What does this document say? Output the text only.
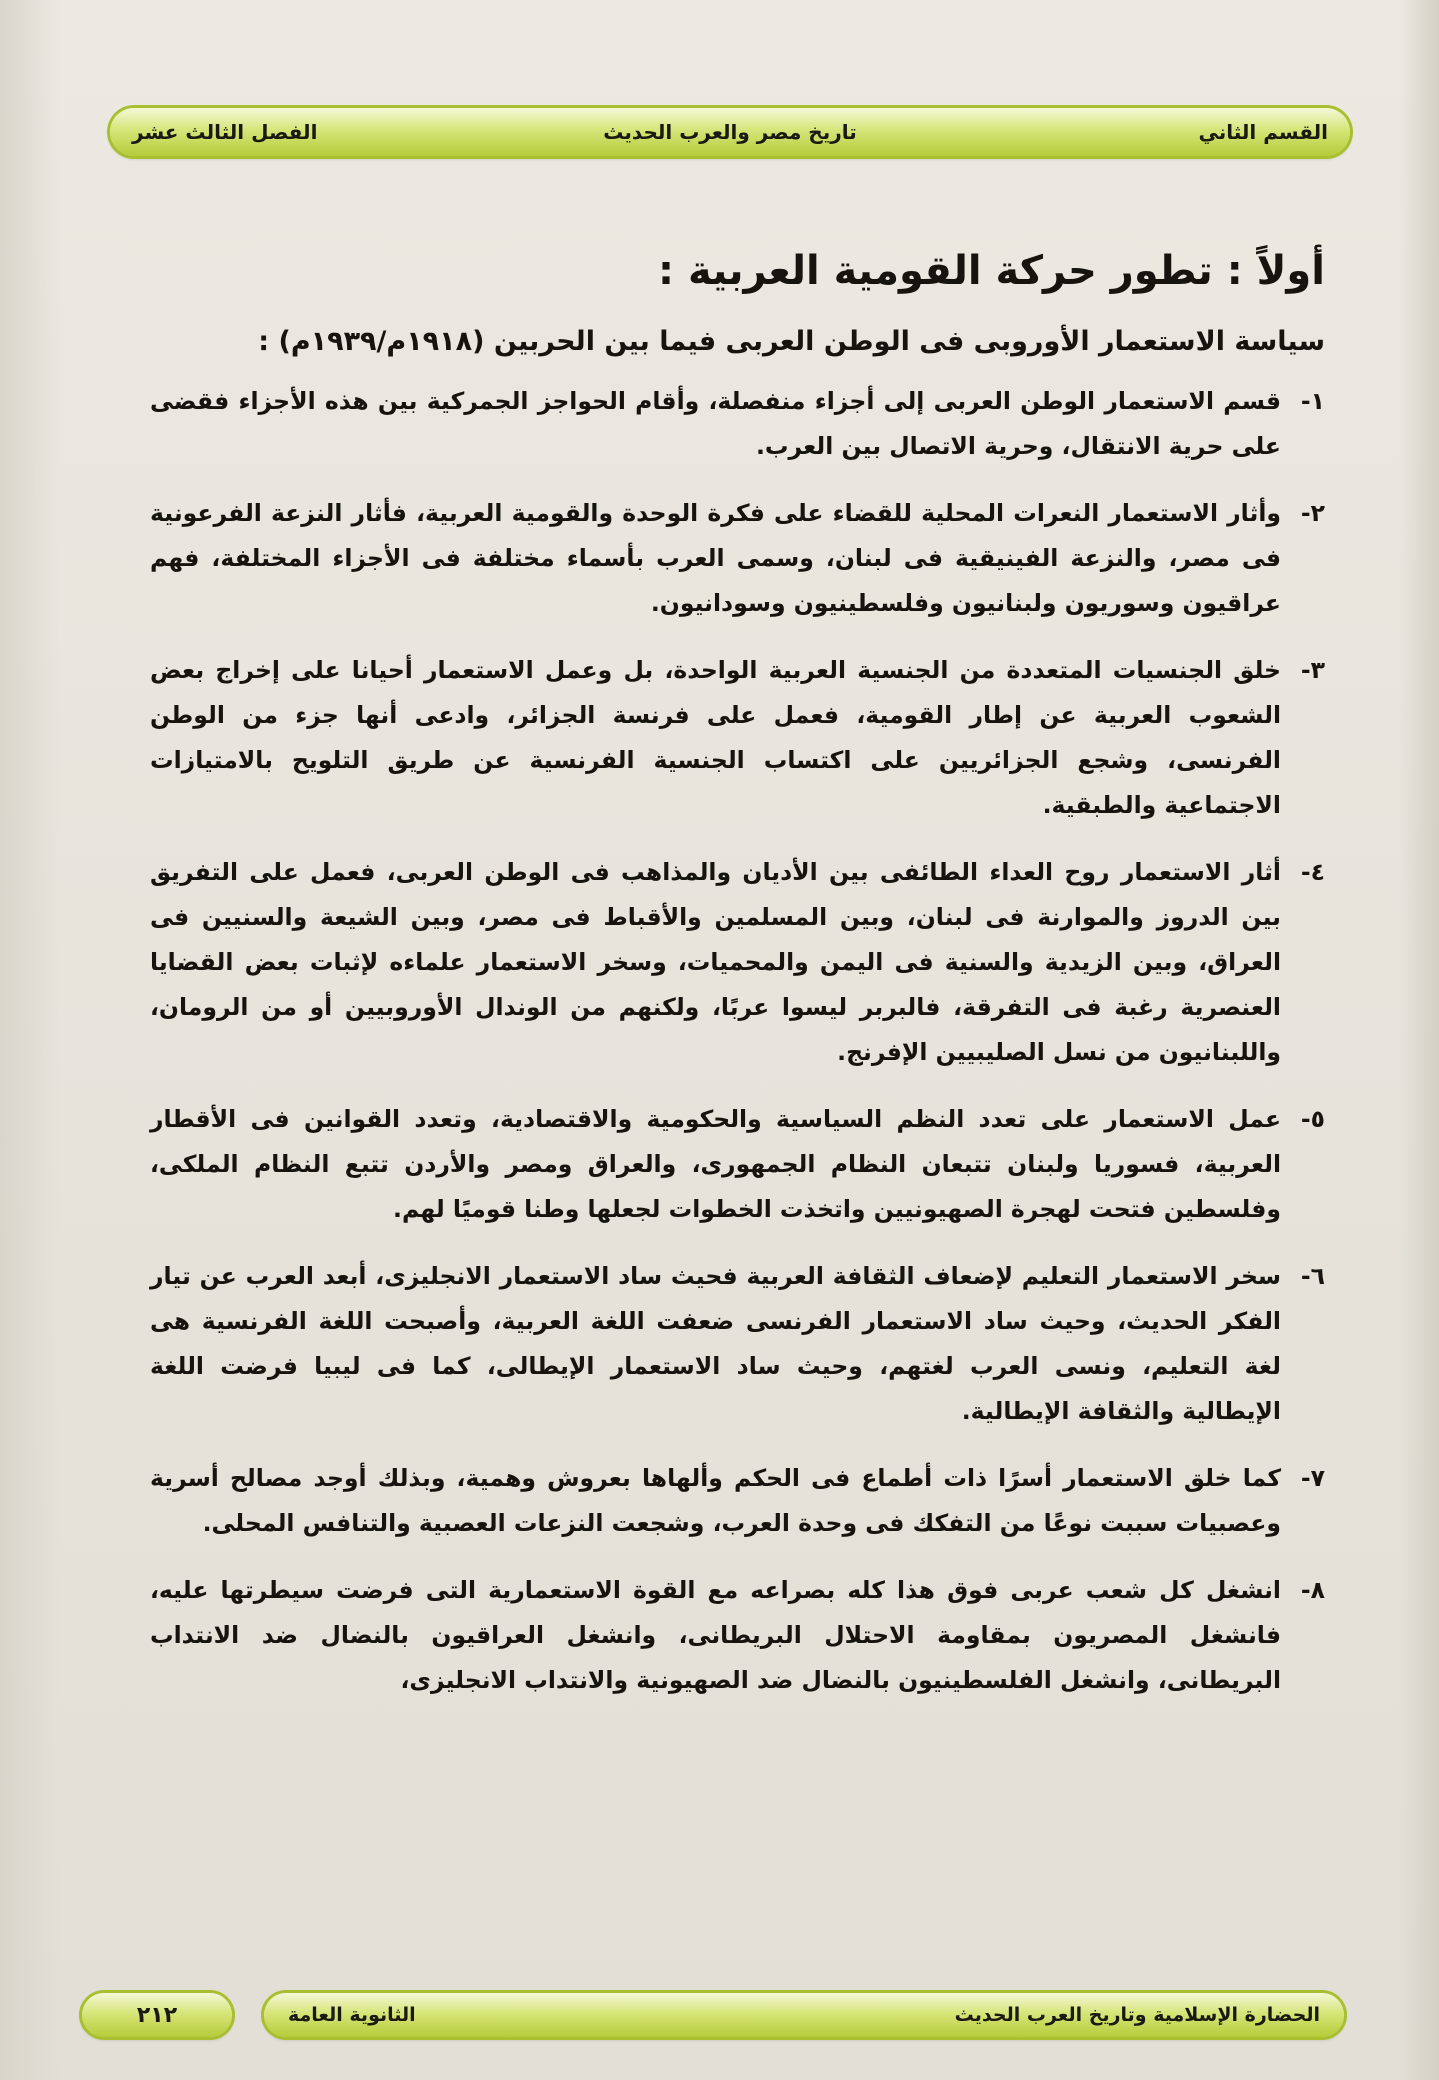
القسم الثاني
تاريخ مصر والعرب الحديث
الفصل الثالث عشر
أولاً : تطور حركة القومية العربية :
سياسة الاستعمار الأوروبى فى الوطن العربى فيما بين الحربين (١٩١٨م/١٩٣٩م) :
١-
قسم الاستعمار الوطن العربى إلى أجزاء منفصلة، وأقام الحواجز الجمركية بين هذه الأجزاء فقضى على حرية الانتقال، وحرية الاتصال بين العرب.
٢-
وأثار الاستعمار النعرات المحلية للقضاء على فكرة الوحدة والقومية العربية، فأثار النزعة الفرعونية فى مصر، والنزعة الفينيقية فى لبنان، وسمى العرب بأسماء مختلفة فى الأجزاء المختلفة، فهم عراقيون وسوريون ولبنانيون وفلسطينيون وسودانيون.
٣-
خلق الجنسيات المتعددة من الجنسية العربية الواحدة، بل وعمل الاستعمار أحيانا على إخراج بعض الشعوب العربية عن إطار القومية، فعمل على فرنسة الجزائر، وادعى أنها جزء من الوطن الفرنسى، وشجع الجزائريين على اكتساب الجنسية الفرنسية عن طريق التلويح بالامتيازات الاجتماعية والطبقية.
٤-
أثار الاستعمار روح العداء الطائفى بين الأديان والمذاهب فى الوطن العربى، فعمل على التفريق بين الدروز والموارنة فى لبنان، وبين المسلمين والأقباط فى مصر، وبين الشيعة والسنيين فى العراق، وبين الزيدية والسنية فى اليمن والمحميات، وسخر الاستعمار علماءه لإثبات بعض القضايا العنصرية رغبة فى التفرقة، فالبربر ليسوا عربًا، ولكنهم من الوندال الأوروبيين أو من الرومان، واللبنانيون من نسل الصليبيين الإفرنج.
٥-
عمل الاستعمار على تعدد النظم السياسية والحكومية والاقتصادية، وتعدد القوانين فى الأقطار العربية، فسوريا ولبنان تتبعان النظام الجمهورى، والعراق ومصر والأردن تتبع النظام الملكى، وفلسطين فتحت لهجرة الصهيونيين واتخذت الخطوات لجعلها وطنا قوميًا لهم.
٦-
سخر الاستعمار التعليم لإضعاف الثقافة العربية فحيث ساد الاستعمار الانجليزى، أبعد العرب عن تيار الفكر الحديث، وحيث ساد الاستعمار الفرنسى ضعفت اللغة العربية، وأصبحت اللغة الفرنسية هى لغة التعليم، ونسى العرب لغتهم، وحيث ساد الاستعمار الإيطالى، كما فى ليبيا فرضت اللغة الإيطالية والثقافة الإيطالية.
٧-
كما خلق الاستعمار أسرًا ذات أطماع فى الحكم وألهاها بعروش وهمية، وبذلك أوجد مصالح أسرية وعصبيات سببت نوعًا من التفكك فى وحدة العرب، وشجعت النزعات العصبية والتنافس المحلى.
٨-
انشغل كل شعب عربى فوق هذا كله بصراعه مع القوة الاستعمارية التى فرضت سيطرتها عليه، فانشغل المصريون بمقاومة الاحتلال البريطانى، وانشغل العراقيون بالنضال ضد الانتداب البريطانى، وانشغل الفلسطينيون بالنضال ضد الصهيونية والانتداب الانجليزى،
الحضارة الإسلامية وتاريخ العرب الحديث
الثانوية العامة
٢١٢
